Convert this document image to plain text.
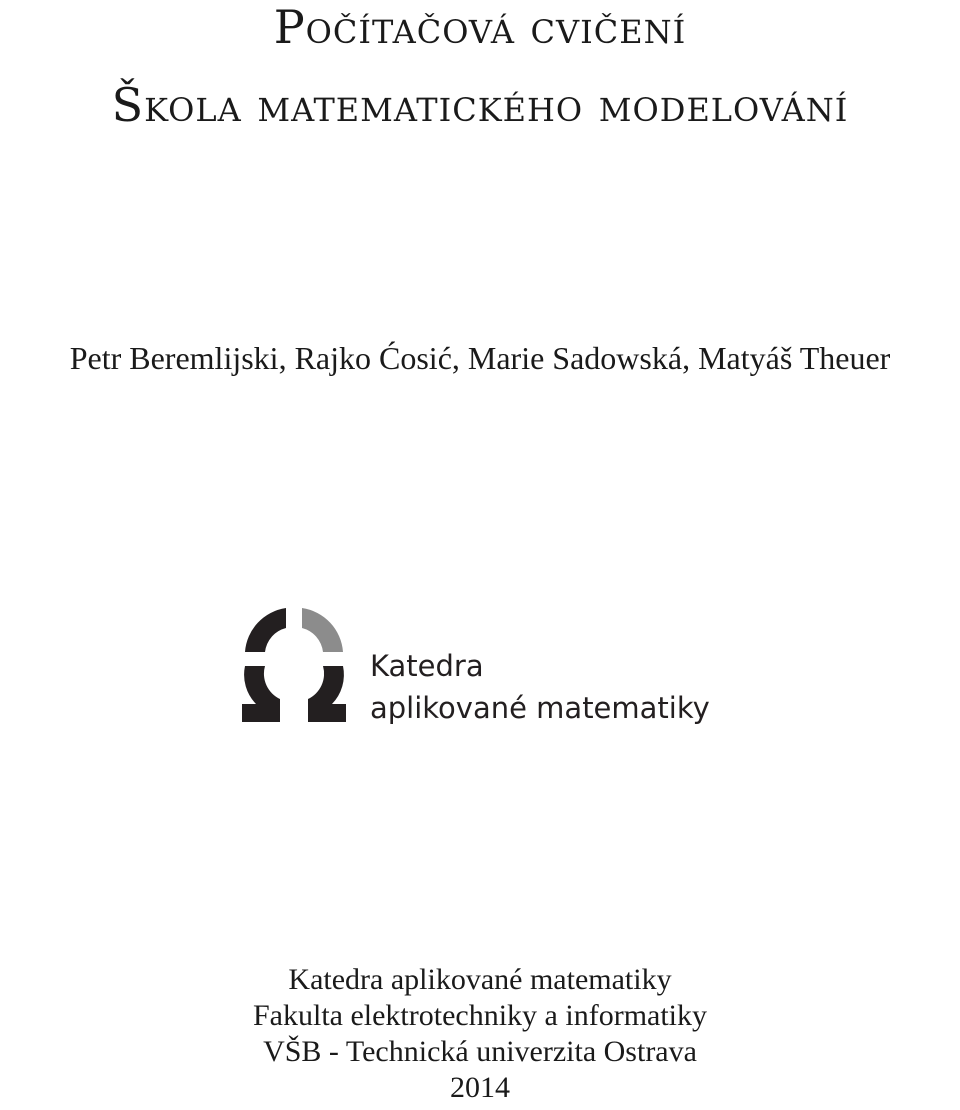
Počítačová cvičení
Škola matematického modelování
Petr Beremlijski, Rajko Ćosić, Marie Sadowská, Matyáš Theuer
Katedra
aplikované matematiky
Katedra aplikované matematiky
Fakulta elektrotechniky a informatiky
VŠB - Technická univerzita Ostrava
2014
